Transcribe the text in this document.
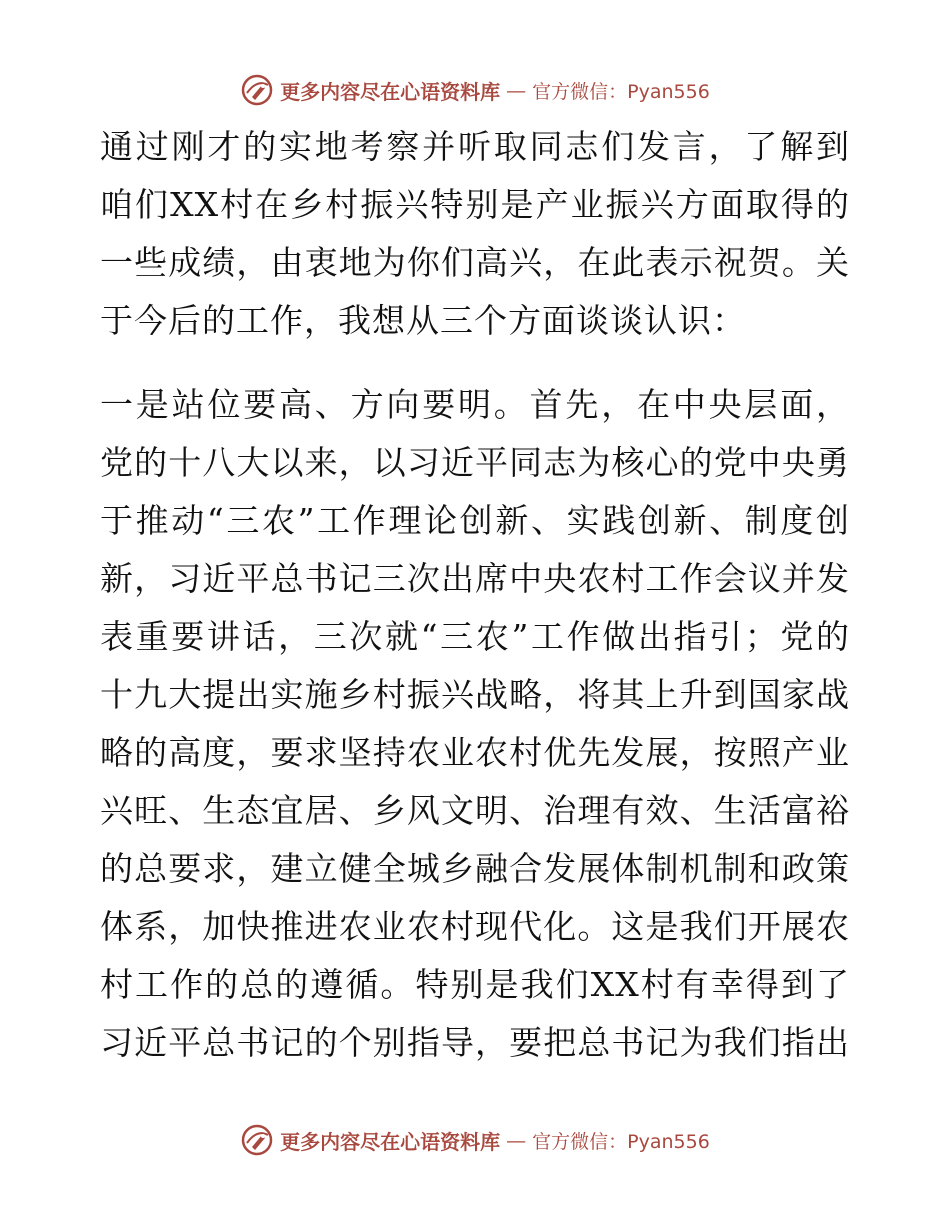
更多内容尽在心语资料库 — 官方微信：Pyan556
通过刚才的实地考察并听取同志们发言，了解到
咱们XX村在乡村振兴特别是产业振兴方面取得的
一些成绩，由衷地为你们高兴，在此表示祝贺。关
于今后的工作，我想从三个方面谈谈认识：
一是站位要高、方向要明。首先，在中央层面，
党的十八大以来，以习近平同志为核心的党中央勇
于推动“三农”工作理论创新、实践创新、制度创
新，习近平总书记三次出席中央农村工作会议并发
表重要讲话，三次就“三农”工作做出指引；党的
十九大提出实施乡村振兴战略，将其上升到国家战
略的高度，要求坚持农业农村优先发展，按照产业
兴旺、生态宜居、乡风文明、治理有效、生活富裕
的总要求，建立健全城乡融合发展体制机制和政策
体系，加快推进农业农村现代化。这是我们开展农
村工作的总的遵循。特别是我们XX村有幸得到了
习近平总书记的个别指导，要把总书记为我们指出
更多内容尽在心语资料库 — 官方微信：Pyan556
